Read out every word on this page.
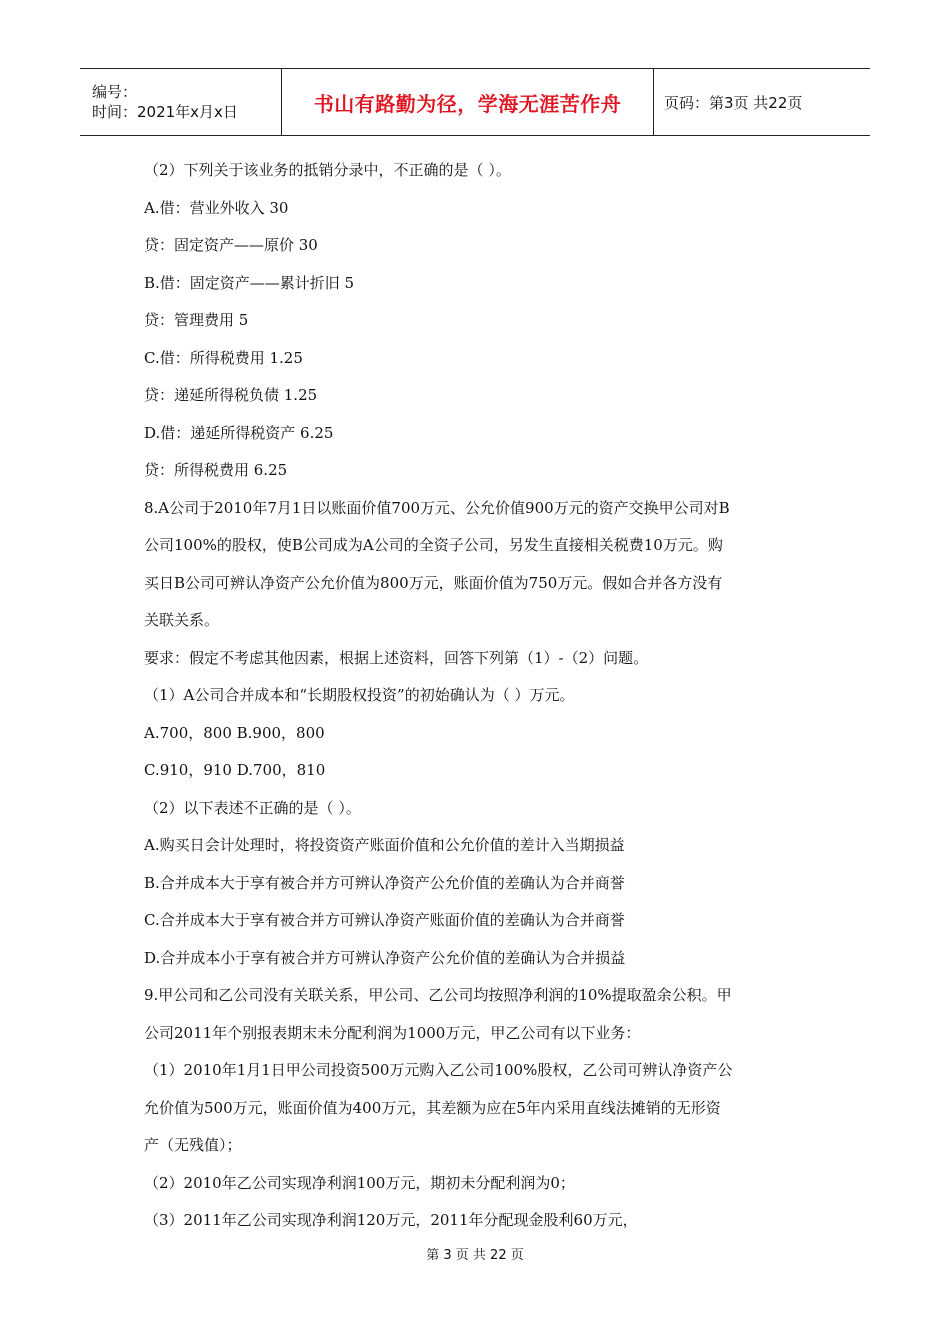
编号：
时间：2021年x月x日	书山有路勤为径，学海无涯苦作舟	页码：第3页 共22页
（2）下列关于该业务的抵销分录中，不正确的是（ ）。
A.借：营业外收入 30
贷：固定资产——原价 30
B.借：固定资产——累计折旧 5
贷：管理费用 5
C.借：所得税费用 1.25
贷：递延所得税负债 1.25
D.借：递延所得税资产 6.25
贷：所得税费用 6.25
8.A公司于2010年7月1日以账面价值700万元、公允价值900万元的资产交换甲公司对B
公司100%的股权，使B公司成为A公司的全资子公司，另发生直接相关税费10万元。购
买日B公司可辨认净资产公允价值为800万元，账面价值为750万元。假如合并各方没有
关联关系。
要求：假定不考虑其他因素，根据上述资料，回答下列第（1）-（2）问题。
（1）A公司合并成本和“长期股权投资”的初始确认为（ ）万元。
A.700，800 B.900，800
C.910，910 D.700，810
（2）以下表述不正确的是（ ）。
A.购买日会计处理时，将投资资产账面价值和公允价值的差计入当期损益
B.合并成本大于享有被合并方可辨认净资产公允价值的差确认为合并商誉
C.合并成本大于享有被合并方可辨认净资产账面价值的差确认为合并商誉
D.合并成本小于享有被合并方可辨认净资产公允价值的差确认为合并损益
9.甲公司和乙公司没有关联关系，甲公司、乙公司均按照净利润的10%提取盈余公积。甲
公司2011年个别报表期末未分配利润为1000万元，甲乙公司有以下业务：
（1）2010年1月1日甲公司投资500万元购入乙公司100%股权，乙公司可辨认净资产公
允价值为500万元，账面价值为400万元，其差额为应在5年内采用直线法摊销的无形资
产（无残值）；
（2）2010年乙公司实现净利润100万元，期初未分配利润为0；
（3）2011年乙公司实现净利润120万元，2011年分配现金股利60万元，
第 3 页 共 22 页
